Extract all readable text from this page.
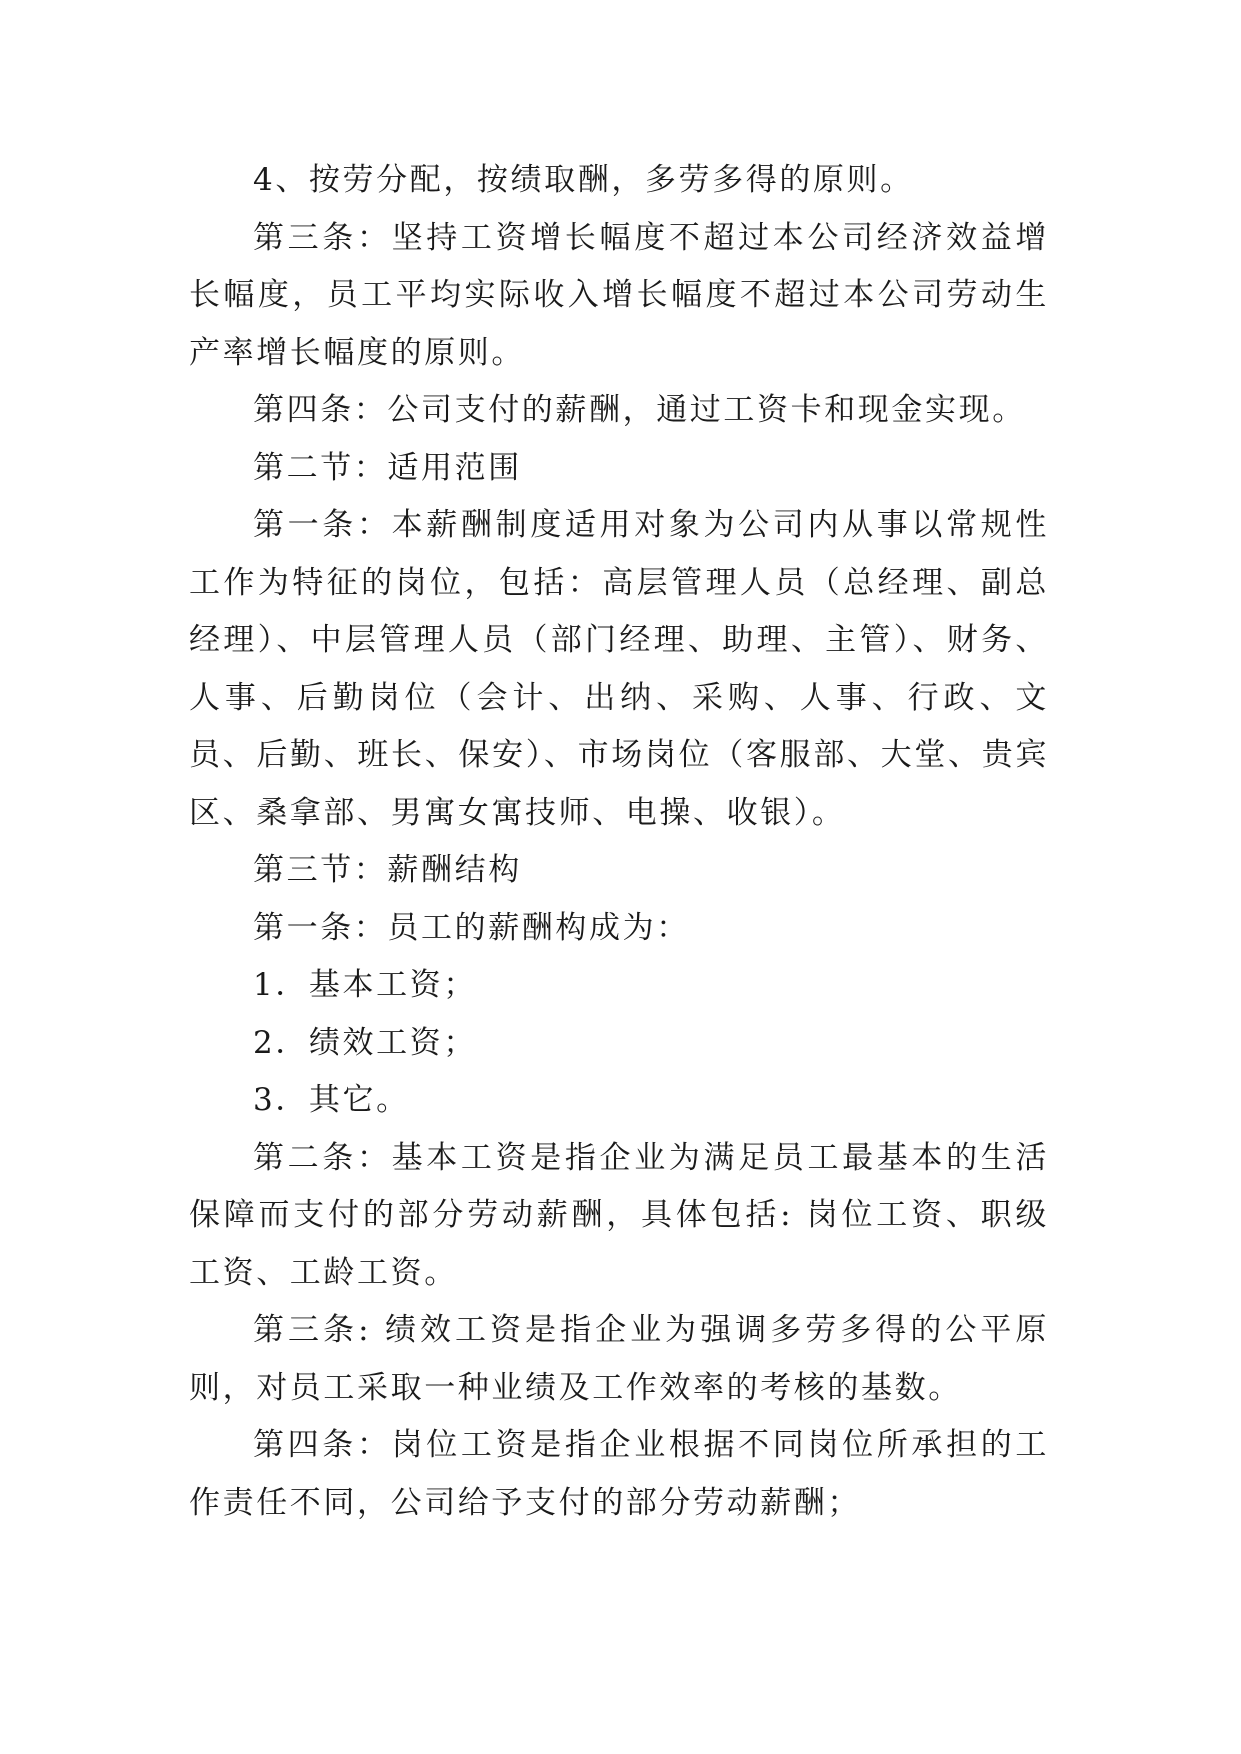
4、按劳分配，按绩取酬，多劳多得的原则。

第三条：坚持工资增长幅度不超过本公司经济效益增长幅度，员工平均实际收入增长幅度不超过本公司劳动生产率增长幅度的原则。

第四条：公司支付的薪酬，通过工资卡和现金实现。

第二节：适用范围

第一条：本薪酬制度适用对象为公司内从事以常规性工作为特征的岗位，包括：高层管理人员（总经理、副总经理）、中层管理人员（部门经理、助理、主管）、财务、人事、后勤岗位（会计、出纳、采购、人事、行政、文员、后勤、班长、保安）、市场岗位（客服部、大堂、贵宾区、桑拿部、男寓女寓技师、电操、收银）。

第三节：薪酬结构

第一条：员工的薪酬构成为：

1．基本工资；

2．绩效工资；

3．其它。

第二条：基本工资是指企业为满足员工最基本的生活保障而支付的部分劳动薪酬，具体包括: 岗位工资、职级工资、工龄工资。

第三条: 绩效工资是指企业为强调多劳多得的公平原则，对员工采取一种业绩及工作效率的考核的基数。

第四条：岗位工资是指企业根据不同岗位所承担的工作责任不同，公司给予支付的部分劳动薪酬；
